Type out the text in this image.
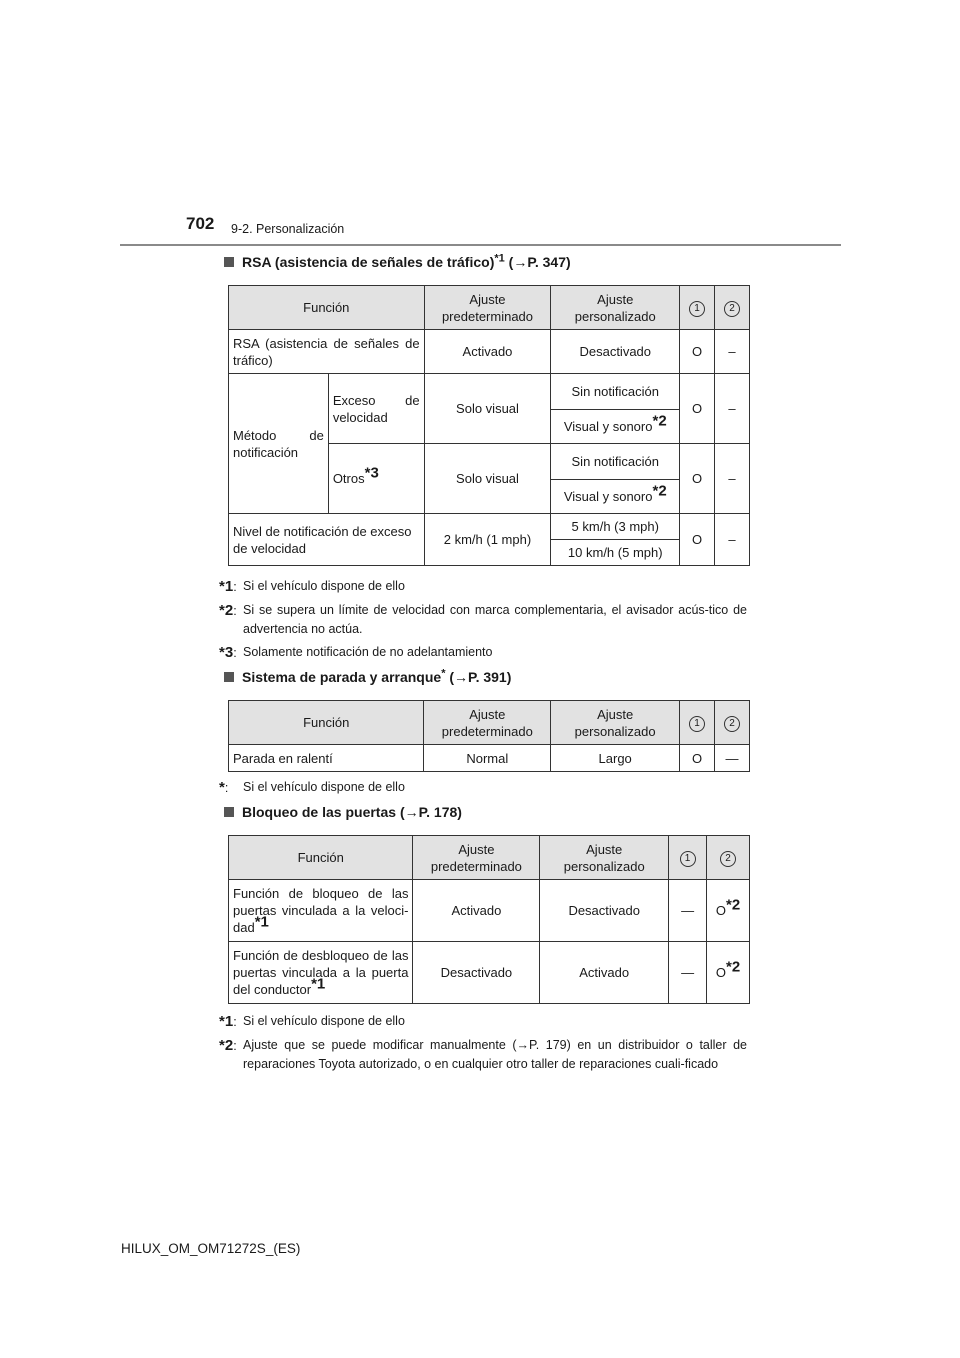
702 9-2. Personalización
RSA (asistencia de señales de tráfico)$^{*1}$ (→P. 347)
Función		Ajuste predeterminado	Ajuste personalizado	1	2
RSA (asistencia de señales de tráfico)		Activado	Desactivado	O	–
Método de notificación	Exceso de velocidad	Solo visual	Sin notificación	O	–
			Visual y sonoro$^{*2}$
	Otros$^{*3}$	Solo visual	Sin notificación	O	–
			Visual y sonoro$^{*2}$
Nivel de notificación de exceso de velocidad		2 km/h (1 mph)	5 km/h (3 mph)	O	–
			10 km/h (5 mph)		
*1: Si el vehículo dispone de ello
*2: Si se supera un límite de velocidad con marca complementaria, el avisador acús-tico de advertencia no actúa.
*3: Solamente notificación de no adelantamiento
Sistema de parada y arranque* (→P. 391)
Función	Ajuste predeterminado	Ajuste personalizado	1	2
Parada en ralentí	Normal	Largo	O	—
*:	Si el vehículo dispone de ello
Bloqueo de las puertas (→P. 178)
Función	Ajuste predeterminado	Ajuste personalizado	1	2
Función de bloqueo de las puertas vinculada a la veloci-dad$^{*1}$	Activado	Desactivado	—	$O^{*2}$
Función de desbloqueo de las puertas vinculada a la puerta del conductor$^{*1}$	Desactivado	Activado	—	$O^{*2}$
*1: Si el vehículo dispone de ello
*2: Ajuste que se puede modificar manualmente (→P. 179) en un distribuidor o taller de reparaciones Toyota autorizado, o en cualquier otro taller de reparaciones cuali-ficado
HILUX_OM_OM71272S_(ES)
